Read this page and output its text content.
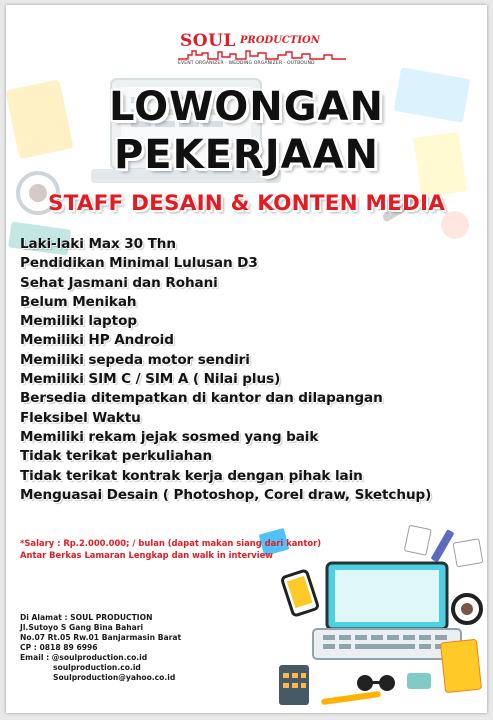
SOUL PRODUCTION
EVENT ORGANIZER - WEDDING ORGANIZER - OUTBOUND
LOWONGAN
PEKERJAAN
STAFF DESAIN & KONTEN MEDIA
Laki-laki Max 30 Thn
Pendidikan Minimal Lulusan D3
Sehat Jasmani dan Rohani
Belum Menikah
Memiliki laptop
Memiliki HP Android
Memiliki sepeda motor sendiri
Memiliki SIM C / SIM A ( Nilai plus)
Bersedia ditempatkan di kantor dan dilapangan
Fleksibel Waktu
Memiliki rekam jejak sosmed yang baik
Tidak terikat perkuliahan
Tidak terikat kontrak kerja dengan pihak lain
Menguasai Desain ( Photoshop, Corel draw, Sketchup)
*Salary : Rp.2.000.000; / bulan (dapat makan siang dari kantor)
Antar Berkas Lamaran Lengkap dan walk in interview
Di Alamat : SOUL PRODUCTION
Jl.Sutoyo S Gang Bina Bahari
No.07 Rt.05 Rw.01 Banjarmasin Barat
CP : 0818 89 6996
Email : @soulproduction.co.id
soulproduction.co.id
Soulproduction@yahoo.co.id
